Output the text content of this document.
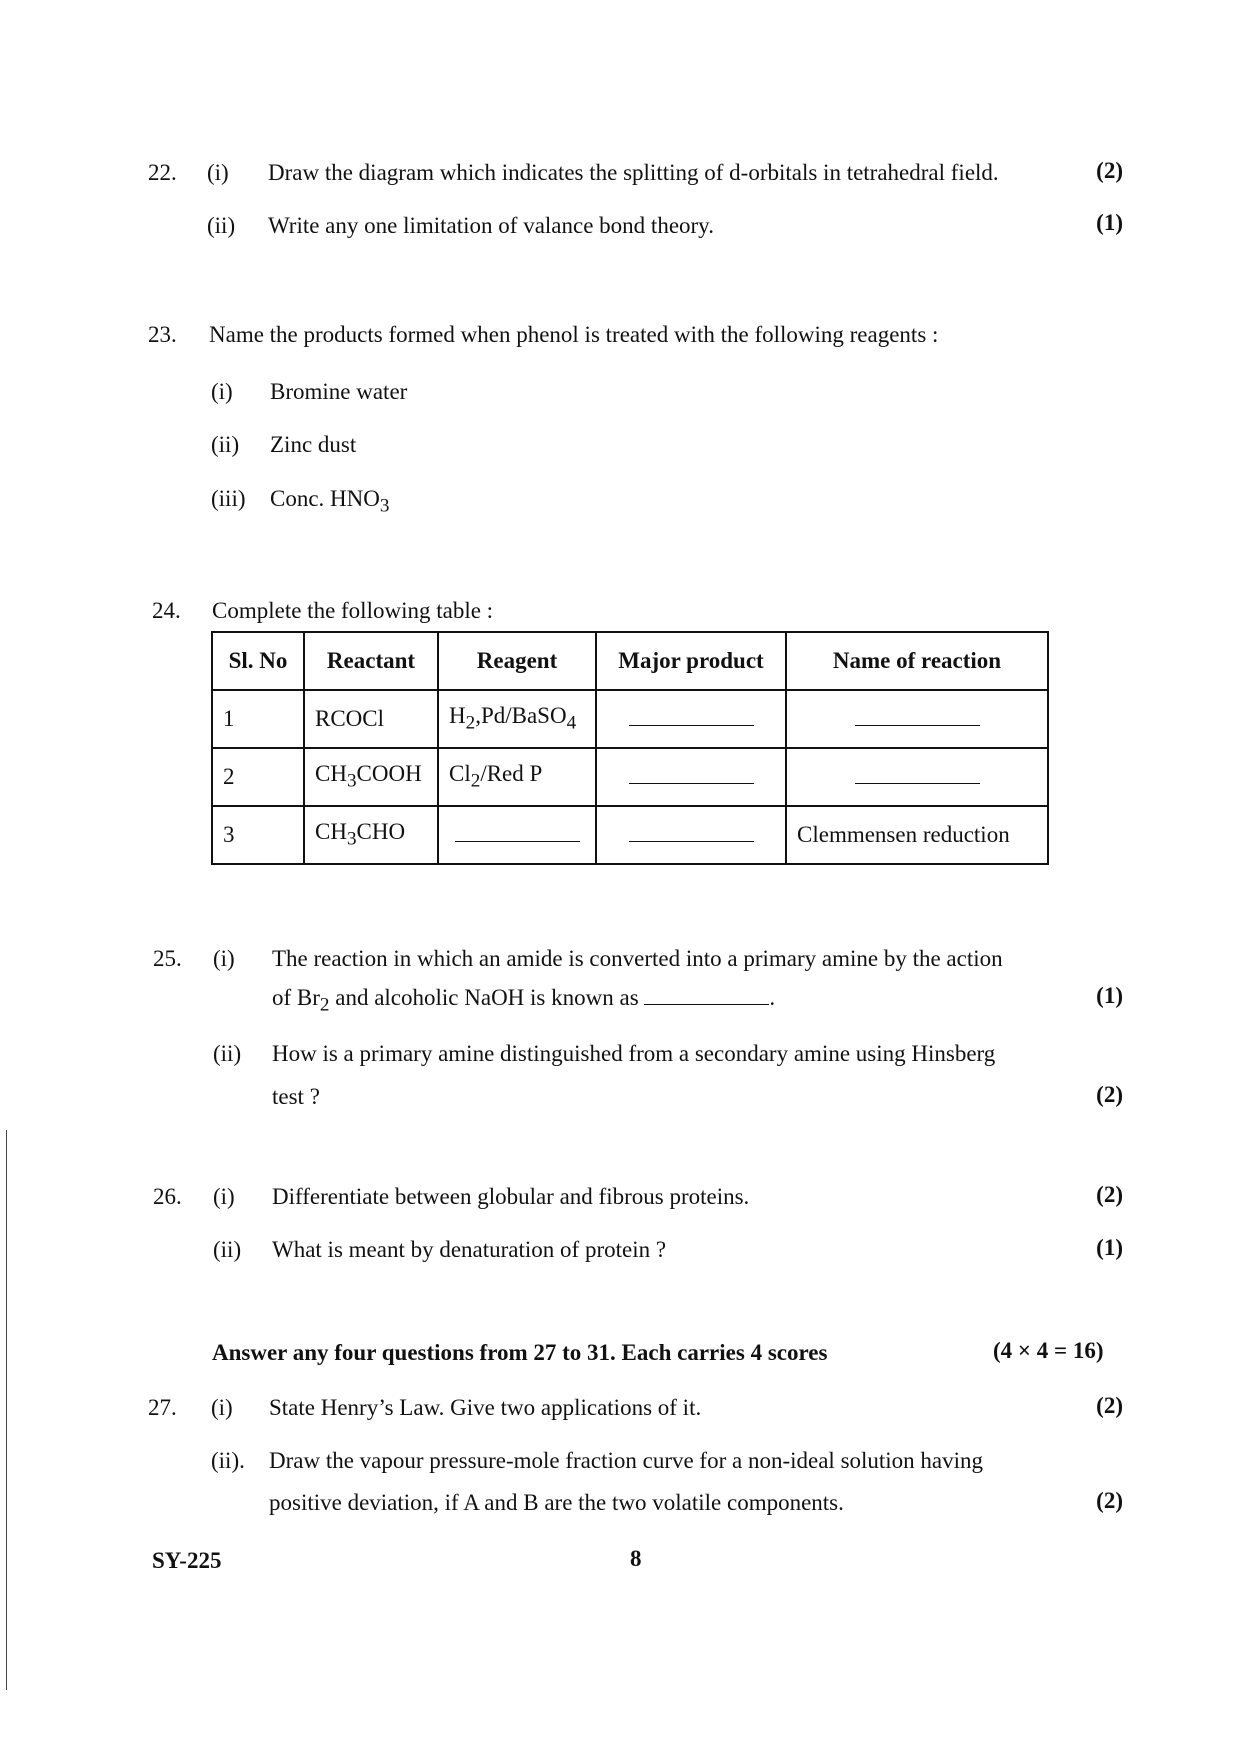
22. (i) Draw the diagram which indicates the splitting of d-orbitals in tetrahedral field.	(2)
(ii) Write any one limitation of valance bond theory.	(1)
23. Name the products formed when phenol is treated with the following reagents :
(i) Bromine water
(ii) Zinc dust
(iii) Conc. $HNO_3$
24. Complete the following table :
Sl. No	Reactant	Reagent	Major product	Name of reaction
1	RCOCl	$H_2,Pd/BaSO_4$		
2	$CH_3COOH$	$Cl_2$/Red P		
3	$CH_3CHO$			Clemmensen reduction
25. (i) The reaction in which an amide is converted into a primary amine by the action
of $Br_2$ and alcoholic NaOH is known as	.	(1)
(ii) How is a primary amine distinguished from a secondary amine using Hinsberg
test ?	(2)
26. (i) Differentiate between globular and fibrous proteins.	(2)
(ii) What is meant by denaturation of protein ?	(1)
Answer any four questions from 27 to 31. Each carries 4 scores	(4 × 4 = 16)
27. (i) State Henry’s Law. Give two applications of it.	(2)
(ii). Draw the vapour pressure-mole fraction curve for a non-ideal solution having
positive deviation, if A and B are the two volatile components.	(2)
SY-225	8
